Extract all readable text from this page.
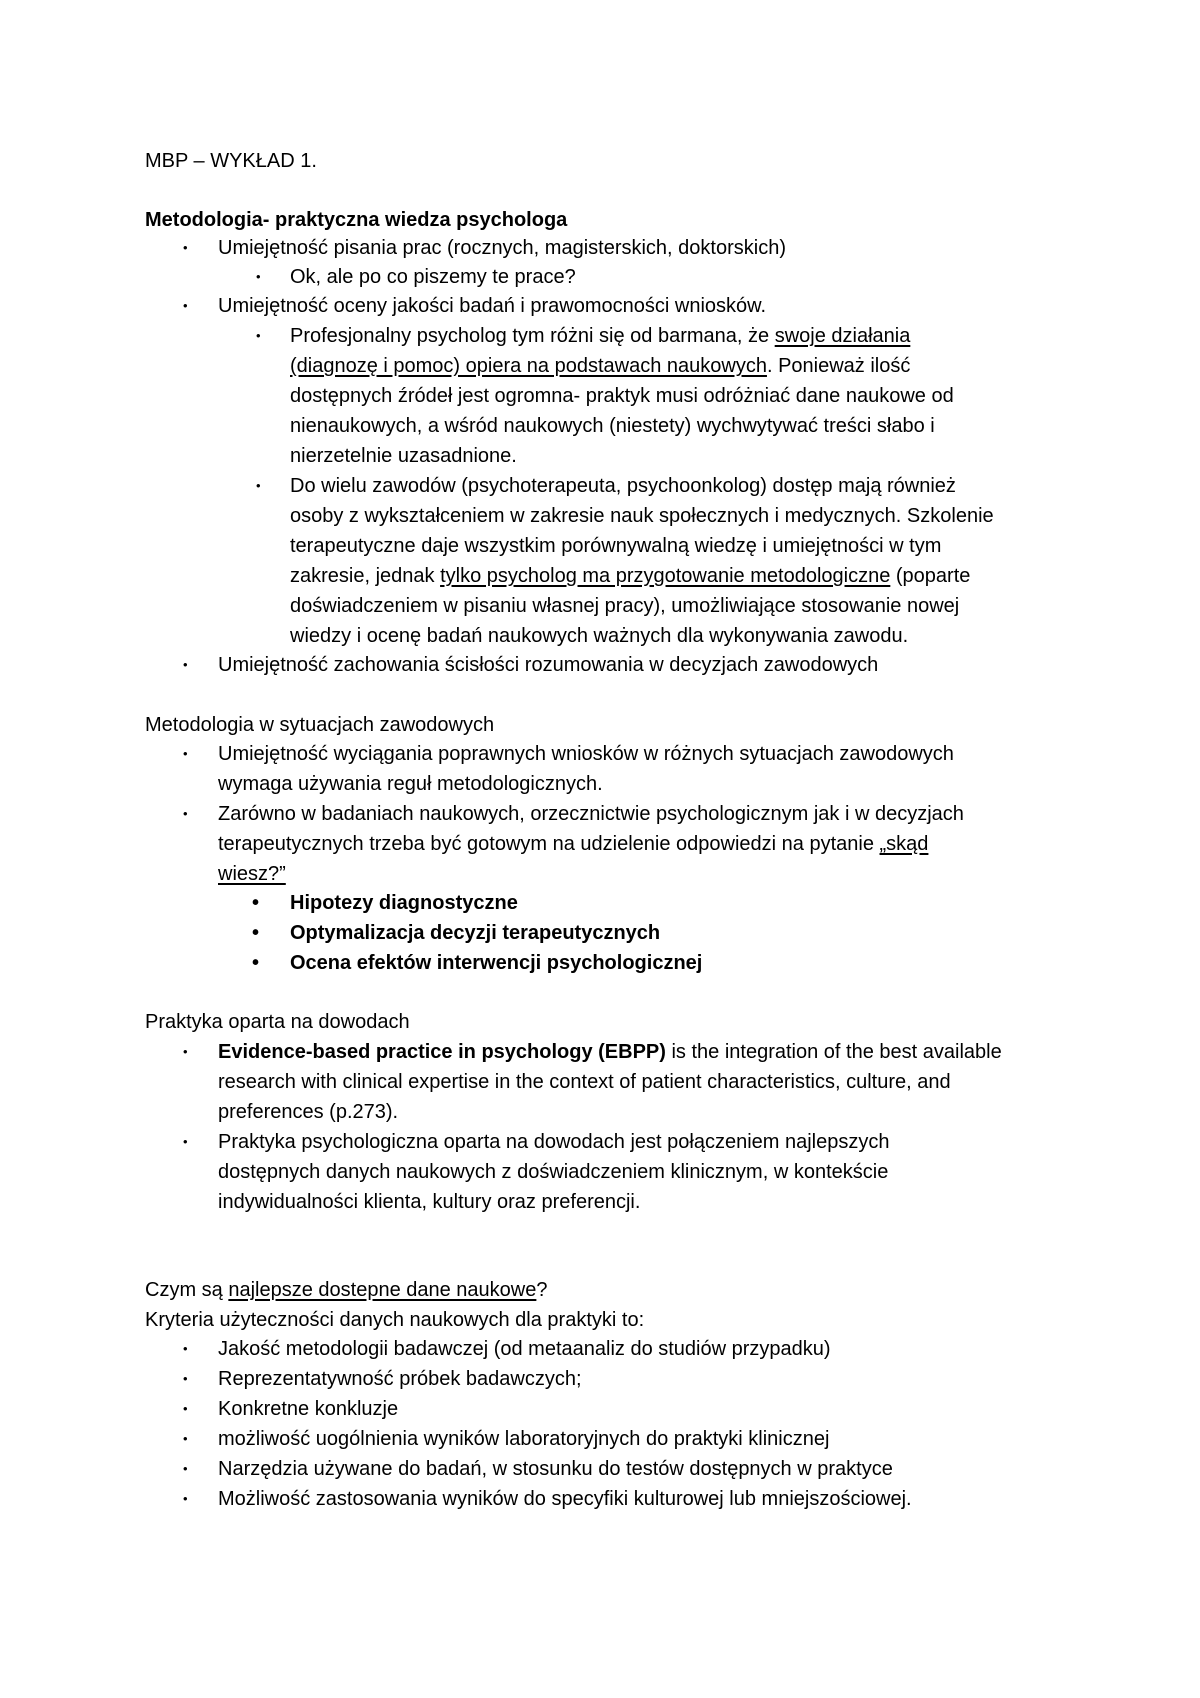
MBP – WYKŁAD 1.
Metodologia- praktyczna wiedza psychologa
• Umiejętność pisania prac (rocznych, magisterskich, doktorskich)
• Ok, ale po co piszemy te prace?
• Umiejętność oceny jakości badań i prawomocności wniosków.
• Profesjonalny psycholog tym różni się od barmana, że swoje działania
(diagnozę i pomoc) opiera na podstawach naukowych. Ponieważ ilość
dostępnych źródeł jest ogromna- praktyk musi odróżniać dane naukowe od
nienaukowych, a wśród naukowych (niestety) wychwytywać treści słabo i
nierzetelnie uzasadnione.
• Do wielu zawodów (psychoterapeuta, psychoonkolog) dostęp mają również
osoby z wykształceniem w zakresie nauk społecznych i medycznych. Szkolenie
terapeutyczne daje wszystkim porównywalną wiedzę i umiejętności w tym
zakresie, jednak tylko psycholog ma przygotowanie metodologiczne (poparte
doświadczeniem w pisaniu własnej pracy), umożliwiające stosowanie nowej
wiedzy i ocenę badań naukowych ważnych dla wykonywania zawodu.
• Umiejętność zachowania ścisłości rozumowania w decyzjach zawodowych
Metodologia w sytuacjach zawodowych
• Umiejętność wyciągania poprawnych wniosków w różnych sytuacjach zawodowych
wymaga używania reguł metodologicznych.
• Zarówno w badaniach naukowych, orzecznictwie psychologicznym jak i w decyzjach
terapeutycznych trzeba być gotowym na udzielenie odpowiedzi na pytanie „skąd
wiesz?”
• Hipotezy diagnostyczne
• Optymalizacja decyzji terapeutycznych
• Ocena efektów interwencji psychologicznej
Praktyka oparta na dowodach
• Evidence-based practice in psychology (EBPP) is the integration of the best available
research with clinical expertise in the context of patient characteristics, culture, and
preferences (p.273).
• Praktyka psychologiczna oparta na dowodach jest połączeniem najlepszych
dostępnych danych naukowych z doświadczeniem klinicznym, w kontekście
indywidualności klienta, kultury oraz preferencji.
Czym są najlepsze dostepne dane naukowe?
Kryteria użyteczności danych naukowych dla praktyki to:
• Jakość metodologii badawczej (od metaanaliz do studiów przypadku)
• Reprezentatywność próbek badawczych;
• Konkretne konkluzje
• możliwość uogólnienia wyników laboratoryjnych do praktyki klinicznej
• Narzędzia używane do badań, w stosunku do testów dostępnych w praktyce
• Możliwość zastosowania wyników do specyfiki kulturowej lub mniejszościowej.
